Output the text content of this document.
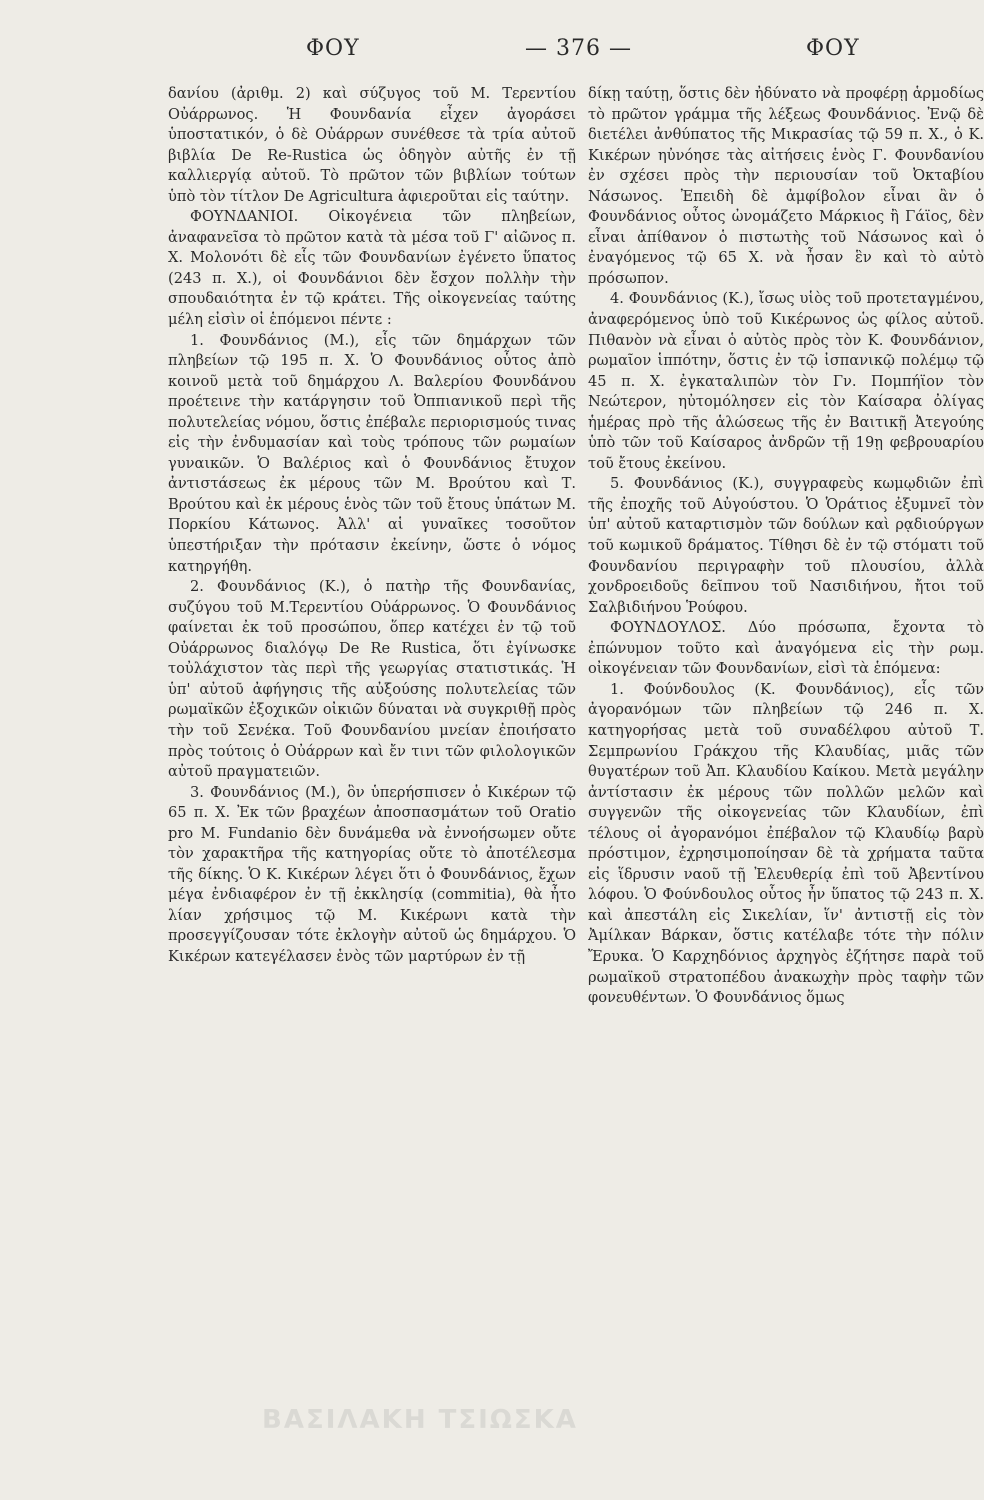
ΦΟΥ	— 376 —	ΦΟΥ

δανίου (ἀριθμ. 2) καὶ σύζυγος τοῦ Μ. Τερεντίου Οὐάρρωνος. Ἡ Φουνδανία εἶχεν ἀγοράσει ὑποστατικόν, ὁ δὲ Οὐάρρων συνέθεσε τὰ τρία αὐτοῦ βιβλία De Re-Rustica ὡς ὁδηγὸν αὐτῆς ἐν τῇ καλλιεργίᾳ αὐτοῦ. Τὸ πρῶτον τῶν βιβλίων τούτων ὑπὸ τὸν τίτλον De Agricultura ἀφιεροῦται εἰς ταύτην.

ΦΟΥΝΔΑΝΙΟΙ. Οἰκογένεια τῶν πληβείων, ἀναφανεῖσα τὸ πρῶτον κατὰ τὰ μέσα τοῦ Γ' αἰῶνος π. Χ. Μολονότι δὲ εἷς τῶν Φουνδανίων ἐγένετο ὕπατος (243 π. Χ.), οἱ Φουνδάνιοι δὲν ἔσχον πολλὴν τὴν σπουδαιότητα ἐν τῷ κράτει. Τῆς οἰκογενείας ταύτης μέλη εἰσὶν οἱ ἑπόμενοι πέντε :

1. Φουνδάνιος (Μ.), εἷς τῶν δημάρχων τῶν πληβείων τῷ 195 π. Χ. Ὁ Φουνδάνιος οὗτος ἀπὸ κοινοῦ μετὰ τοῦ δημάρχου Λ. Βαλερίου Φουνδάνου προέτεινε τὴν κατάργησιν τοῦ Ὀππιανικοῦ περὶ τῆς πολυτελείας νόμου, ὅστις ἐπέβαλε περιορισμούς τινας εἰς τὴν ἐνδυμασίαν καὶ τοὺς τρόπους τῶν ρωμαίων γυναικῶν. Ὁ Βαλέριος καὶ ὁ Φουνδάνιος ἔτυχον ἀντιστάσεως ἐκ μέρους τῶν Μ. Βρούτου καὶ Τ. Βρούτου καὶ ἐκ μέρους ἑνὸς τῶν τοῦ ἔτους ὑπάτων Μ. Πορκίου Κάτωνος. Ἀλλ' αἱ γυναῖκες τοσοῦτον ὑπεστήριξαν τὴν πρότασιν ἐκείνην, ὥστε ὁ νόμος κατηργήθη.

2. Φουνδάνιος (Κ.), ὁ πατὴρ τῆς Φουνδανίας, συζύγου τοῦ Μ.Τερεντίου Οὐάρρωνος. Ὁ Φουνδάνιος φαίνεται ἐκ τοῦ προσώπου, ὅπερ κατέχει ἐν τῷ τοῦ Οὐάρρωνος διαλόγῳ De Re Rustica, ὅτι ἐγίνωσκε τοὐλάχιστον τὰς περὶ τῆς γεωργίας στατιστικάς. Ἡ ὑπ' αὐτοῦ ἀφήγησις τῆς αὐξούσης πολυτελείας τῶν ρωμαϊκῶν ἐξοχικῶν οἰκιῶν δύναται νὰ συγκριθῇ πρὸς τὴν τοῦ Σενέκα. Τοῦ Φουνδανίου μνείαν ἐποιήσατο πρὸς τούτοις ὁ Οὐάρρων καὶ ἔν τινι τῶν φιλολογικῶν αὐτοῦ πραγματειῶν.

3. Φουνδάνιος (Μ.), ὃν ὑπερήσπισεν ὁ Κικέρων τῷ 65 π. Χ. Ἐκ τῶν βραχέων ἀποσπασμάτων τοῦ Oratio pro M. Fundanio δὲν δυνάμεθα νὰ ἐννοήσωμεν οὔτε τὸν χαρακτῆρα τῆς κατηγορίας οὔτε τὸ ἀποτέλεσμα τῆς δίκης. Ὁ Κ. Κικέρων λέγει ὅτι ὁ Φουνδάνιος, ἔχων μέγα ἐνδιαφέρον ἐν τῇ ἐκκλησίᾳ (commitia), θὰ ἦτο λίαν χρήσιμος τῷ Μ. Κικέρωνι κατὰ τὴν προσεγγίζουσαν τότε ἐκλογὴν αὐτοῦ ὡς δημάρχου. Ὁ Κικέρων κατεγέλασεν ἑνὸς τῶν μαρτύρων ἐν τῇ

δίκῃ ταύτῃ, ὅστις δὲν ἠδύνατο νὰ προφέρῃ ἁρμοδίως τὸ πρῶτον γράμμα τῆς λέξεως Φουνδάνιος. Ἐνῷ δὲ διετέλει ἀνθύπατος τῆς Μικρασίας τῷ 59 π. Χ., ὁ Κ. Κικέρων ηὐνόησε τὰς αἰτήσεις ἑνὸς Γ. Φουνδανίου ἐν σχέσει πρὸς τὴν περιουσίαν τοῦ Ὀκταβίου Νάσωνος. Ἐπειδὴ δὲ ἀμφίβολον εἶναι ἂν ὁ Φουνδάνιος οὗτος ὠνομάζετο Μάρκιος ἢ Γάϊος, δὲν εἶναι ἀπίθανον ὁ πιστωτὴς τοῦ Νάσωνος καὶ ὁ ἐναγόμενος τῷ 65 Χ. νὰ ἦσαν ἓν καὶ τὸ αὐτὸ πρόσωπον.

4. Φουνδάνιος (Κ.), ἴσως υἱὸς τοῦ προτεταγμένου, ἀναφερόμενος ὑπὸ τοῦ Κικέρωνος ὡς φίλος αὐτοῦ. Πιθανὸν νὰ εἶναι ὁ αὐτὸς πρὸς τὸν Κ. Φουνδάνιον, ρωμαῖον ἱππότην, ὅστις ἐν τῷ ἰσπανικῷ πολέμῳ τῷ 45 π. Χ. ἐγκαταλιπὼν τὸν Γν. Πομπήϊον τὸν Νεώτερον, ηὐτομόλησεν εἰς τὸν Καίσαρα ὀλίγας ἡμέρας πρὸ τῆς ἁλώσεως τῆς ἐν Βαιτικῇ Ἀτεγούης ὑπὸ τῶν τοῦ Καίσαρος ἀνδρῶν τῇ 19ῃ φεβρουαρίου τοῦ ἔτους ἐκείνου.

5. Φουνδάνιος (Κ.), συγγραφεὺς κωμῳδιῶν ἐπὶ τῆς ἐποχῆς τοῦ Αὐγούστου. Ὁ Ὁράτιος ἐξυμνεῖ τὸν ὑπ' αὐτοῦ καταρτισμὸν τῶν δούλων καὶ ρᾳδιούργων τοῦ κωμικοῦ δράματος. Τίθησι δὲ ἐν τῷ στόματι τοῦ Φουνδανίου περιγραφὴν τοῦ πλουσίου, ἀλλὰ χονδροειδοῦς δεῖπνου τοῦ Νασιδιήνου, ἤτοι τοῦ Σαλβιδιήνου Ῥούφου.

ΦΟΥΝΔΟΥΛΟΣ. Δύο πρόσωπα, ἔχοντα τὸ ἐπώνυμον τοῦτο καὶ ἀναγόμενα εἰς τὴν ρωμ. οἰκογένειαν τῶν Φουνδανίων, εἰσὶ τὰ ἑπόμενα:

1. Φούνδουλος (Κ. Φουνδάνιος), εἷς τῶν ἀγορανόμων τῶν πληβείων τῷ 246 π. Χ. κατηγορήσας μετὰ τοῦ συναδέλφου αὐτοῦ Τ. Σεμπρωνίου Γράκχου τῆς Κλαυδίας, μιᾶς τῶν θυγατέρων τοῦ Ἀπ. Κλαυδίου Καίκου. Μετὰ μεγάλην ἀντίστασιν ἐκ μέρους τῶν πολλῶν μελῶν καὶ συγγενῶν τῆς οἰκογενείας τῶν Κλαυδίων, ἐπὶ τέλους οἱ ἀγορανόμοι ἐπέβαλον τῷ Κλαυδίῳ βαρὺ πρόστιμον, ἐχρησιμοποίησαν δὲ τὰ χρήματα ταῦτα εἰς ἵδρυσιν ναοῦ τῇ Ἐλευθερίᾳ ἐπὶ τοῦ Ἀβεντίνου λόφου. Ὁ Φούνδουλος οὗτος ἦν ὕπατος τῷ 243 π. Χ. καὶ ἀπεστάλη εἰς Σικελίαν, ἵν' ἀντιστῇ εἰς τὸν Ἀμίλκαν Βάρκαν, ὅστις κατέλαβε τότε τὴν πόλιν Ἔρυκα. Ὁ Καρχηδόνιος ἀρχηγὸς ἐζήτησε παρὰ τοῦ ρωμαϊκοῦ στρατοπέδου ἀνακωχὴν πρὸς ταφὴν τῶν φονευθέντων. Ὁ Φουνδάνιος ὅμως

ΒΑΣΙΛΑΚΗ ΤΣΙΩΣΚΑ
